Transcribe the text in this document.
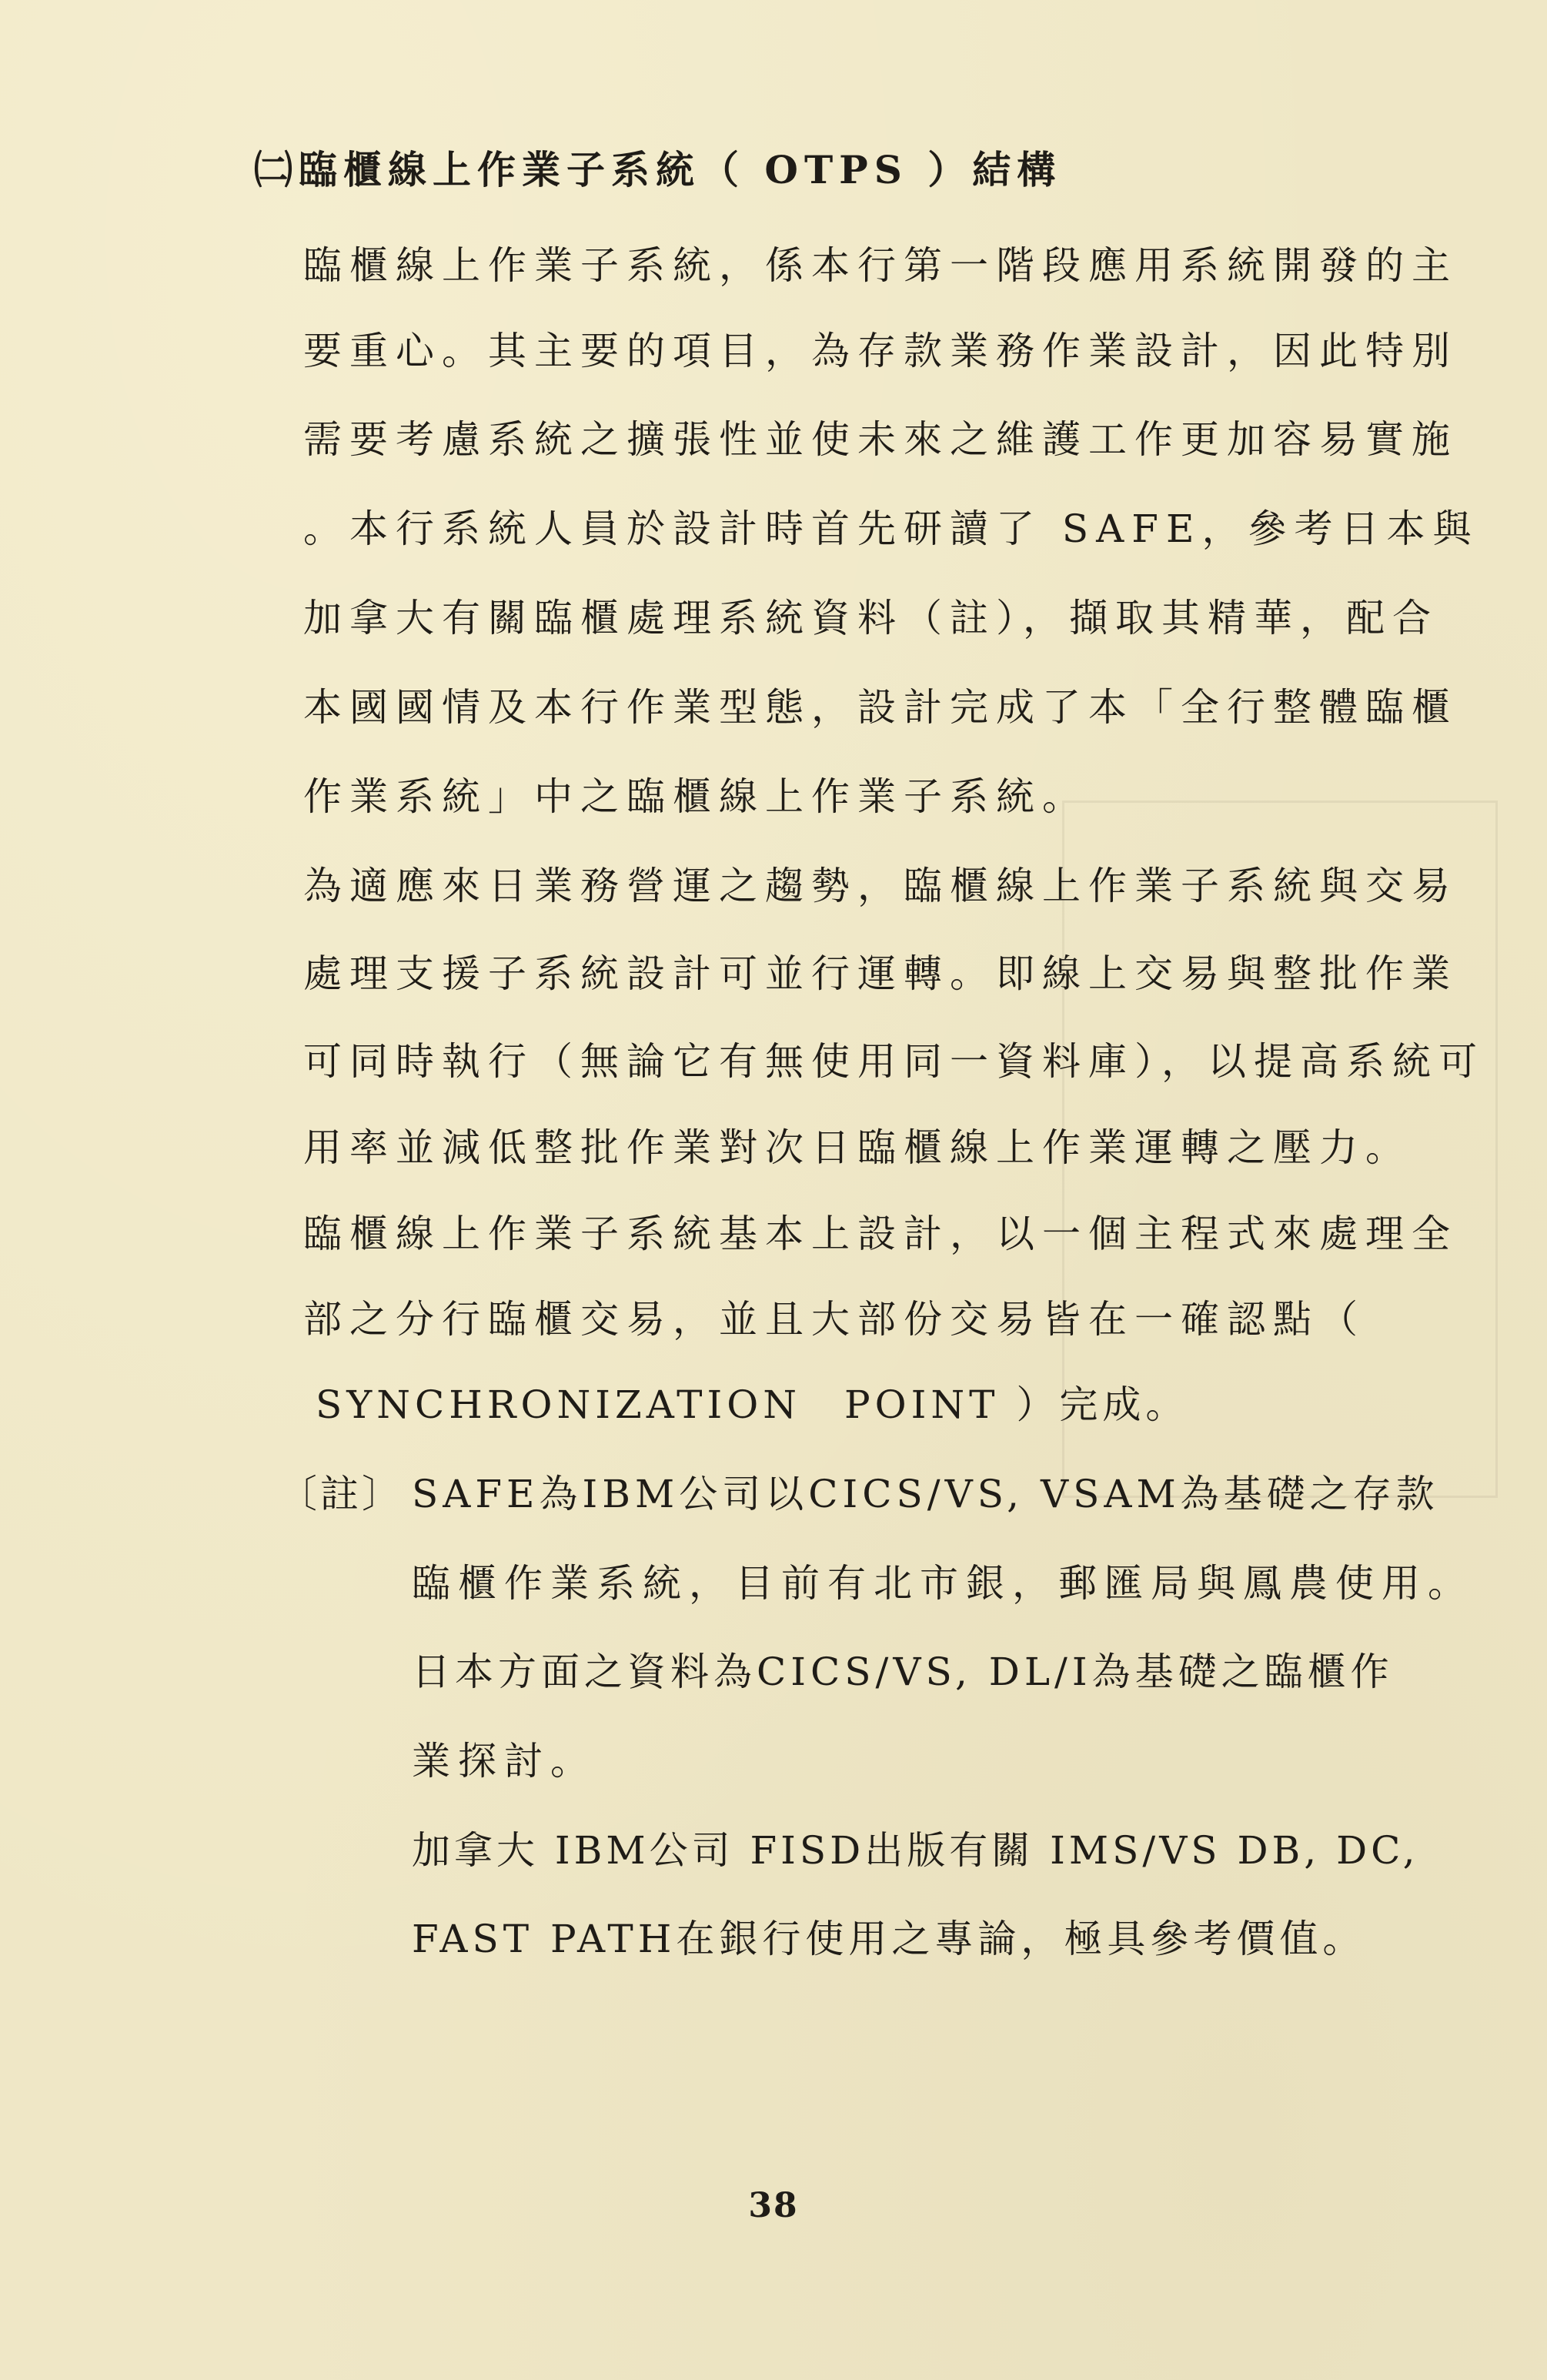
㈡臨櫃線上作業子系統（ OTPS ）結構
臨櫃線上作業子系統，係本行第一階段應用系統開發的主
要重心。其主要的項目，為存款業務作業設計，因此特別
需要考慮系統之擴張性並使未來之維護工作更加容易實施
。本行系統人員於設計時首先研讀了 SAFE，參考日本與
加拿大有關臨櫃處理系統資料（註），擷取其精華，配合
本國國情及本行作業型態，設計完成了本「全行整體臨櫃
作業系統」中之臨櫃線上作業子系統。
為適應來日業務營運之趨勢，臨櫃線上作業子系統與交易
處理支援子系統設計可並行運轉。即線上交易與整批作業
可同時執行（無論它有無使用同一資料庫），以提高系統可
用率並減低整批作業對次日臨櫃線上作業運轉之壓力。
臨櫃線上作業子系統基本上設計，以一個主程式來處理全
部之分行臨櫃交易，並且大部份交易皆在一確認點（
SYNCHRONIZATION　POINT ）完成。
〔註〕 SAFE為IBM公司以CICS/VS, VSAM為基礎之存款
臨櫃作業系統，目前有北市銀，郵匯局與鳳農使用。
日本方面之資料為CICS/VS, DL/I為基礎之臨櫃作
業探討。
加拿大 IBM公司 FISD出版有關 IMS/VS DB, DC,
FAST PATH在銀行使用之專論，極具參考價值。
38
